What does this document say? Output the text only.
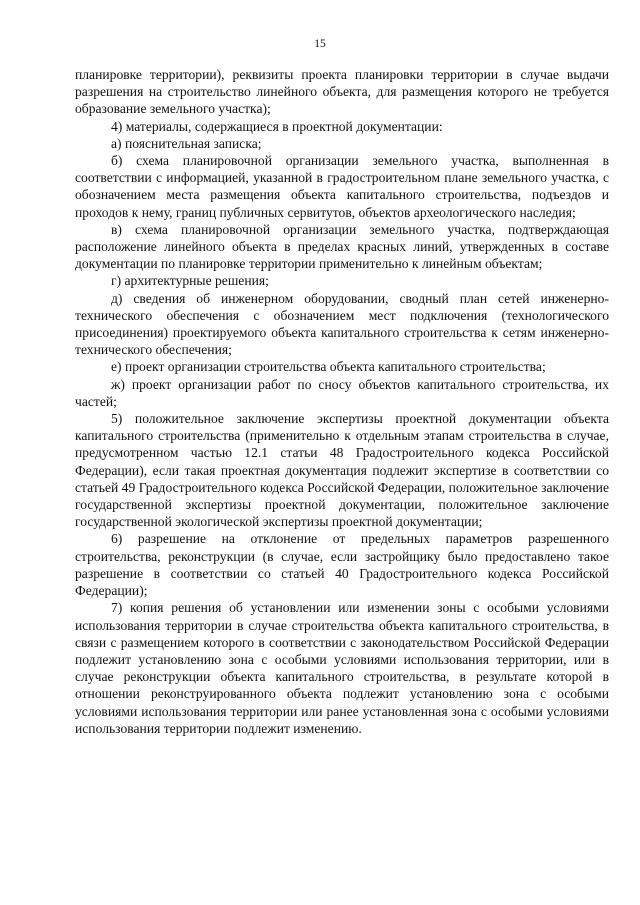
15

планировке территории), реквизиты проекта планировки территории в случае выдачи разрешения на строительство линейного объекта, для размещения которого не требуется образование земельного участка);

4) материалы, содержащиеся в проектной документации:

а) пояснительная записка;

б) схема планировочной организации земельного участка, выполненная в соответствии с информацией, указанной в градостроительном плане земельного участка, с обозначением места размещения объекта капитального строительства, подъездов и проходов к нему, границ публичных сервитутов, объектов археологического наследия;

в) схема планировочной организации земельного участка, подтверждающая расположение линейного объекта в пределах красных линий, утвержденных в составе документации по планировке территории применительно к линейным объектам;

г) архитектурные решения;

д) сведения об инженерном оборудовании, сводный план сетей инженерно-технического обеспечения с обозначением мест подключения (технологического присоединения) проектируемого объекта капитального строительства к сетям инженерно-технического обеспечения;

е) проект организации строительства объекта капитального строительства;

ж) проект организации работ по сносу объектов капитального строительства, их частей;

5) положительное заключение экспертизы проектной документации объекта капитального строительства (применительно к отдельным этапам строительства в случае, предусмотренном частью 12.1 статьи 48 Градостроительного кодекса Российской Федерации), если такая проектная документация подлежит экспертизе в соответствии со статьей 49 Градостроительного кодекса Российской Федерации, положительное заключение государственной экспертизы проектной документации, положительное заключение государственной экологической экспертизы проектной документации;

6) разрешение на отклонение от предельных параметров разрешенного строительства, реконструкции (в случае, если застройщику было предоставлено такое разрешение в соответствии со статьей 40 Градостроительного кодекса Российской Федерации);

7) копия решения об установлении или изменении зоны с особыми условиями использования территории в случае строительства объекта капитального строительства, в связи с размещением которого в соответствии с законодательством Российской Федерации подлежит установлению зона с особыми условиями использования территории, или в случае реконструкции объекта капитального строительства, в результате которой в отношении реконструированного объекта подлежит установлению зона с особыми условиями использования территории или ранее установленная зона с особыми условиями использования территории подлежит изменению.
